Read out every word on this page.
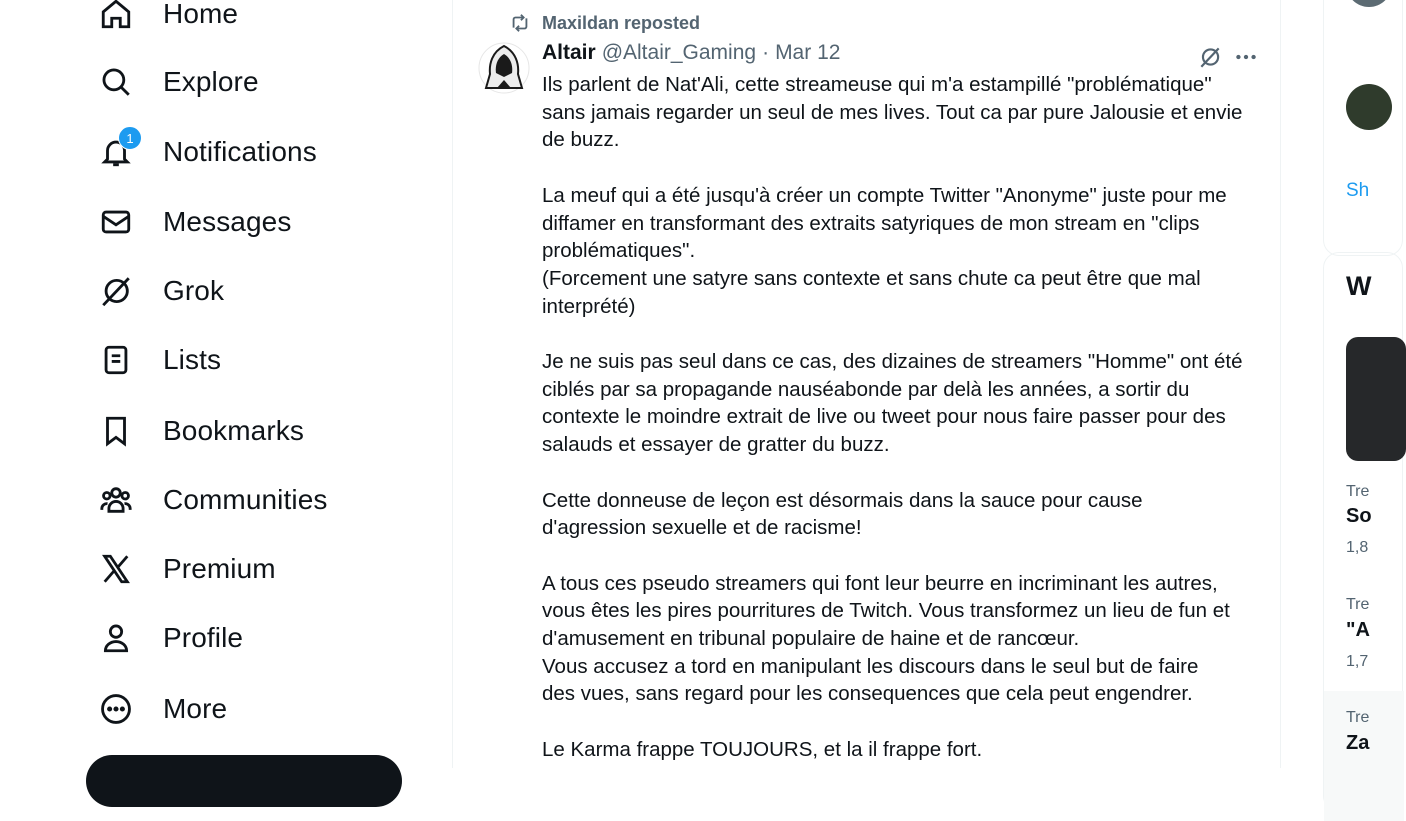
Home
Explore
1 Notifications
Messages
Grok
Lists
Bookmarks
Communities
Premium
Profile
More
Maxildan reposted
Altair @Altair_Gaming · Mar 12
Ils parlent de Nat'Ali, cette streameuse qui m'a estampillé "problématique"
sans jamais regarder un seul de mes lives. Tout ca par pure Jalousie et envie
de buzz.

La meuf qui a été jusqu'à créer un compte Twitter "Anonyme" juste pour me
diffamer en transformant des extraits satyriques de mon stream en "clips
problématiques".
(Forcement une satyre sans contexte et sans chute ca peut être que mal
interprété)

Je ne suis pas seul dans ce cas, des dizaines de streamers "Homme" ont été
ciblés par sa propagande nauséabonde par delà les années, a sortir du
contexte le moindre extrait de live ou tweet pour nous faire passer pour des
salauds et essayer de gratter du buzz.

Cette donneuse de leçon est désormais dans la sauce pour cause
d'agression sexuelle et de racisme!

A tous ces pseudo streamers qui font leur beurre en incriminant les autres,
vous êtes les pires pourritures de Twitch. Vous transformez un lieu de fun et
d'amusement en tribunal populaire de haine et de rancœur.
Vous accusez a tord en manipulant les discours dans le seul but de faire
des vues, sans regard pour les consequences que cela peut engendrer.

Le Karma frappe TOUJOURS, et la il frappe fort.
Sh
W
Tre
So
1,8
Tre
"A
1,7
Tre
Za
